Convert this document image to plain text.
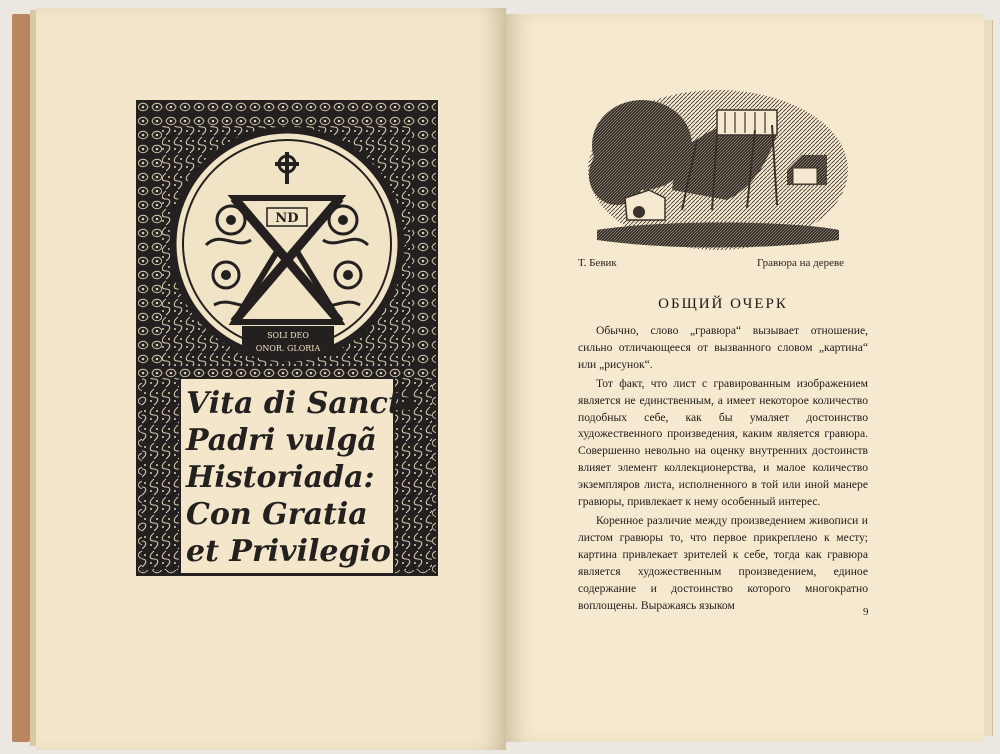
ND
SOLI DEO
ONOR. GLORIA
Vita di Sancti
Padri vulgã
Historiada:
Con Gratia
et Privilegio
Т. Бевик	Гравюра на дереве
ОБЩИЙ ОЧЕРК

Обычно, слово „гравюра“ вызывает отношение, сильно отличающееся от вызванного словом „картина“ или „рисунок“.

Тот факт, что лист с гравированным изображением является не единственным, а имеет некоторое количество подобных себе, как бы умаляет достоинство художественного произведения, каким является гравюра. Совершенно невольно на оценку внутренних достоинств влияет элемент коллекционерства, и малое количество экземпляров листа, исполненного в той или иной манере гравюры, привлекает к нему особенный интерес.

Коренное различие между произведением живописи и листом гравюры то, что первое прикреплено к месту; картина привлекает зрителей к себе, тогда как гравюра является художественным произведением, единое содержание и достоинство которого многократно воплощены. Выражаясь языком

9
